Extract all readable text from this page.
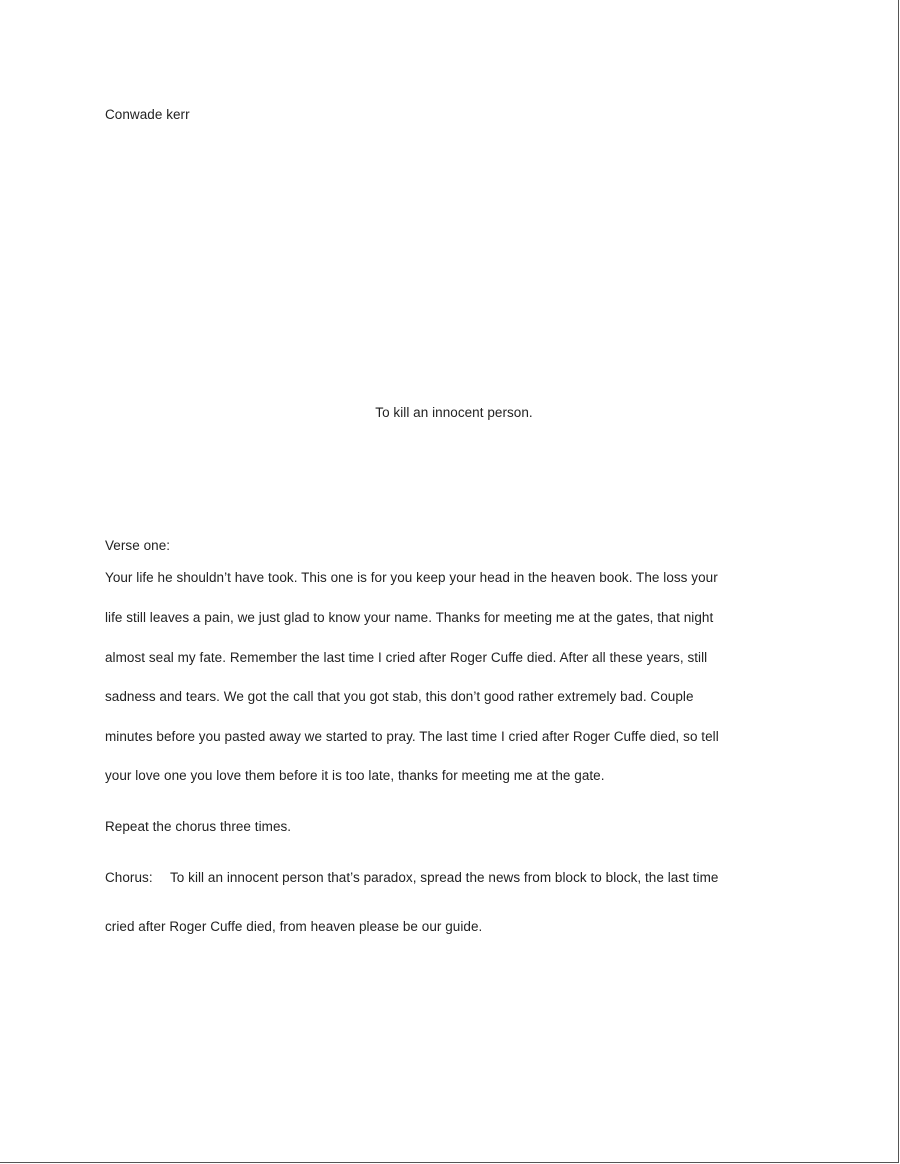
Conwade kerr
To kill an innocent person.
Verse one:
Your life he shouldn’t have took. This one is for you keep your head in the heaven book. The loss your
life still leaves a pain, we just glad to know your name. Thanks for meeting me at the gates, that night
almost seal my fate. Remember the last time I cried after Roger Cuffe died. After all these years, still
sadness and tears. We got the call that you got stab, this don’t good rather extremely bad. Couple
minutes before you pasted away we started to pray. The last time I cried after Roger Cuffe died, so tell
your love one you love them before it is too late, thanks for meeting me at the gate.
Repeat the chorus three times.
Chorus: To kill an innocent person that’s paradox, spread the news from block to block, the last time
cried after Roger Cuffe died, from heaven please be our guide.
